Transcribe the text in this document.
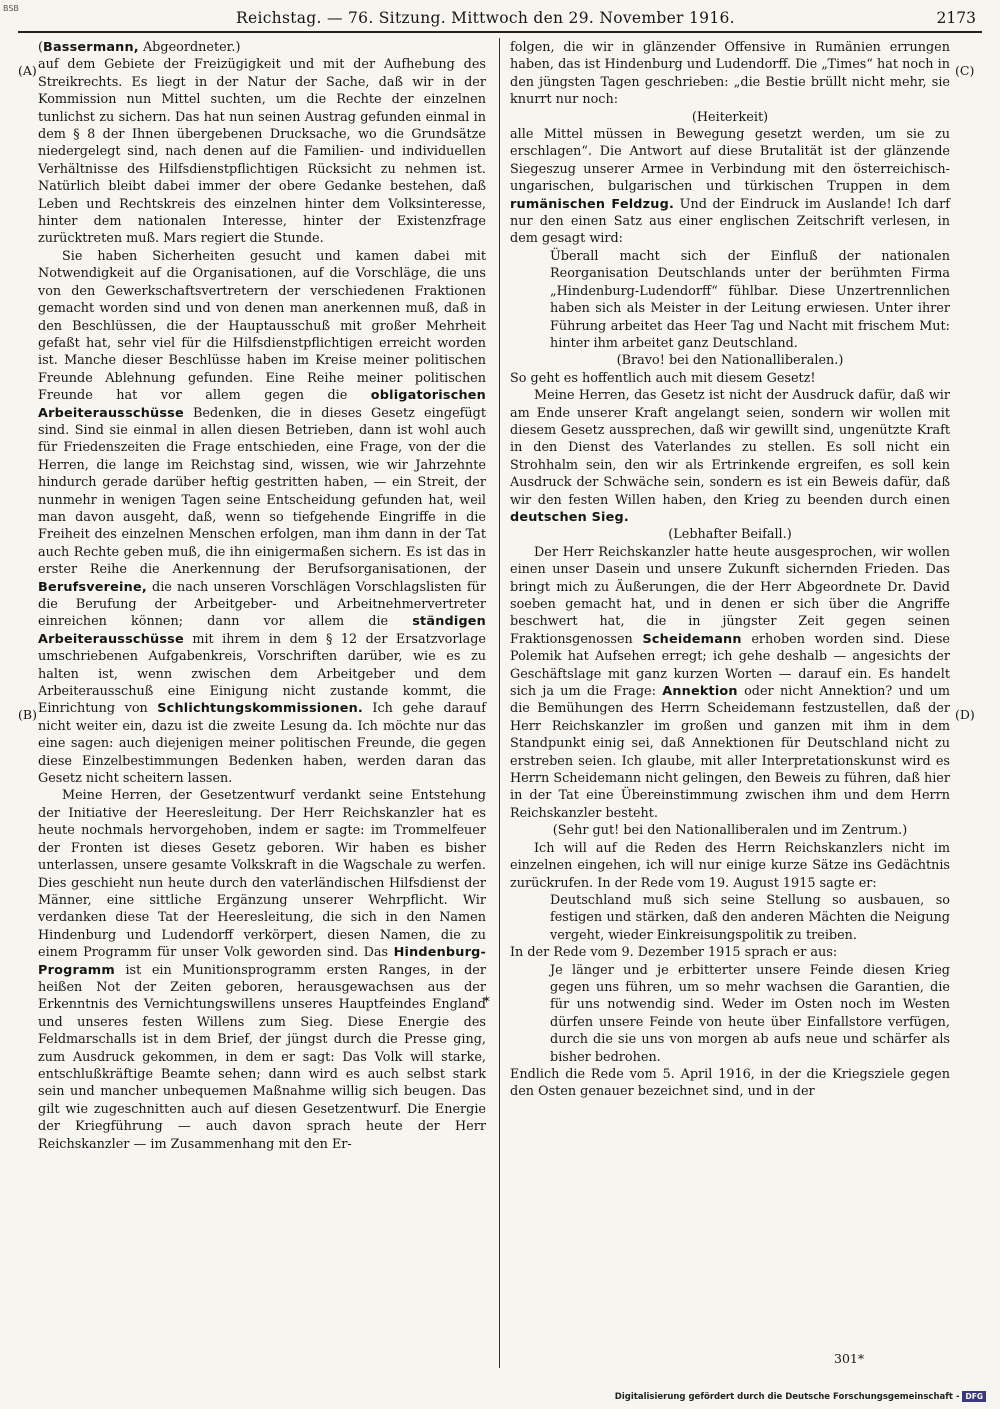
BSB
Reichstag. — 76. Sitzung. Mittwoch den 29. November 1916.	2173
(A)
(B)
(C)
(D)

(Bassermann, Abgeordneter.)

auf dem Gebiete der Freizügigkeit und mit der Aufhebung des Streikrechts. Es liegt in der Natur der Sache, daß wir in der Kommission nun Mittel suchten, um die Rechte der einzelnen tunlichst zu sichern. Das hat nun seinen Austrag gefunden einmal in dem § 8 der Ihnen übergebenen Drucksache, wo die Grundsätze niedergelegt sind, nach denen auf die Familien- und individuellen Verhältnisse des Hilfsdienstpflichtigen Rücksicht zu nehmen ist. Natürlich bleibt dabei immer der obere Gedanke bestehen, daß Leben und Rechtskreis des einzelnen hinter dem Volksinteresse, hinter dem nationalen Interesse, hinter der Existenzfrage zurücktreten muß. Mars regiert die Stunde.

Sie haben Sicherheiten gesucht und kamen dabei mit Notwendigkeit auf die Organisationen, auf die Vorschläge, die uns von den Gewerkschaftsvertretern der verschiedenen Fraktionen gemacht worden sind und von denen man anerkennen muß, daß in den Beschlüssen, die der Hauptausschuß mit großer Mehrheit gefaßt hat, sehr viel für die Hilfsdienstpflichtigen erreicht worden ist. Manche dieser Beschlüsse haben im Kreise meiner politischen Freunde Ablehnung gefunden. Eine Reihe meiner politischen Freunde hat vor allem gegen die obligatorischen Arbeiterausschüsse Bedenken, die in dieses Gesetz eingefügt sind. Sind sie einmal in allen diesen Betrieben, dann ist wohl auch für Friedenszeiten die Frage entschieden, eine Frage, von der die Herren, die lange im Reichstag sind, wissen, wie wir Jahrzehnte hindurch gerade darüber heftig gestritten haben, — ein Streit, der nunmehr in wenigen Tagen seine Entscheidung gefunden hat, weil man davon ausgeht, daß, wenn so tiefgehende Eingriffe in die Freiheit des einzelnen Menschen erfolgen, man ihm dann in der Tat auch Rechte geben muß, die ihn einigermaßen sichern. Es ist das in erster Reihe die Anerkennung der Berufsorganisationen, der Berufsvereine, die nach unseren Vorschlägen Vorschlagslisten für die Berufung der Arbeitgeber- und Arbeitnehmervertreter einreichen können; dann vor allem die ständigen Arbeiterausschüsse mit ihrem in dem § 12 der Ersatzvorlage umschriebenen Aufgabenkreis, Vorschriften darüber, wie es zu halten ist, wenn zwischen dem Arbeitgeber und dem Arbeiterausschuß eine Einigung nicht zustande kommt, die Einrichtung von Schlichtungskommissionen. Ich gehe darauf nicht weiter ein, dazu ist die zweite Lesung da. Ich möchte nur das eine sagen: auch diejenigen meiner politischen Freunde, die gegen diese Einzelbestimmungen Bedenken haben, werden daran das Gesetz nicht scheitern lassen.

Meine Herren, der Gesetzentwurf verdankt seine Entstehung der Initiative der Heeresleitung. Der Herr Reichskanzler hat es heute nochmals hervorgehoben, indem er sagte: im Trommelfeuer der Fronten ist dieses Gesetz geboren. Wir haben es bisher unterlassen, unsere gesamte Volkskraft in die Wagschale zu werfen. Dies geschieht nun heute durch den vaterländischen Hilfsdienst der Männer, eine sittliche Ergänzung unserer Wehrpflicht. Wir verdanken diese Tat der Heeresleitung, die sich in den Namen Hindenburg und Ludendorff verkörpert, diesen Namen, die zu einem Programm für unser Volk geworden sind. Das Hindenburg-Programm ist ein Munitionsprogramm ersten Ranges, in der heißen Not der Zeiten geboren, herausgewachsen aus der Erkenntnis des Vernichtungswillens unseres Hauptfeindes England und unseres festen Willens zum Sieg. Diese Energie des Feldmarschalls ist in dem Brief, der jüngst durch die Presse ging, zum Ausdruck gekommen, in dem er sagt: Das Volk will starke, entschlußkräftige Beamte sehen; dann wird es auch selbst stark sein und mancher unbequemen Maßnahme willig sich beugen. Das gilt wie zugeschnitten auch auf diesen Gesetzentwurf. Die Energie der Kriegführung — auch davon sprach heute der Herr Reichskanzler — im Zusammenhang mit den Er-

folgen, die wir in glänzender Offensive in Rumänien errungen haben, das ist Hindenburg und Ludendorff. Die „Times“ hat noch in den jüngsten Tagen geschrieben: „die Bestie brüllt nicht mehr, sie knurrt nur noch:

(Heiterkeit)

alle Mittel müssen in Bewegung gesetzt werden, um sie zu erschlagen“. Die Antwort auf diese Brutalität ist der glänzende Siegeszug unserer Armee in Verbindung mit den österreichisch-ungarischen, bulgarischen und türkischen Truppen in dem rumänischen Feldzug. Und der Eindruck im Auslande! Ich darf nur den einen Satz aus einer englischen Zeitschrift verlesen, in dem gesagt wird:

Überall macht sich der Einfluß der nationalen Reorganisation Deutschlands unter der berühmten Firma „Hindenburg-Ludendorff“ fühlbar. Diese Unzertrennlichen haben sich als Meister in der Leitung erwiesen. Unter ihrer Führung arbeitet das Heer Tag und Nacht mit frischem Mut: hinter ihm arbeitet ganz Deutschland.

(Bravo! bei den Nationalliberalen.)

So geht es hoffentlich auch mit diesem Gesetz!

Meine Herren, das Gesetz ist nicht der Ausdruck dafür, daß wir am Ende unserer Kraft angelangt seien, sondern wir wollen mit diesem Gesetz aussprechen, daß wir gewillt sind, ungenützte Kraft in den Dienst des Vaterlandes zu stellen. Es soll nicht ein Strohhalm sein, den wir als Ertrinkende ergreifen, es soll kein Ausdruck der Schwäche sein, sondern es ist ein Beweis dafür, daß wir den festen Willen haben, den Krieg zu beenden durch einen deutschen Sieg.

(Lebhafter Beifall.)

Der Herr Reichskanzler hatte heute ausgesprochen, wir wollen einen unser Dasein und unsere Zukunft sichernden Frieden. Das bringt mich zu Äußerungen, die der Herr Abgeordnete Dr. David soeben gemacht hat, und in denen er sich über die Angriffe beschwert hat, die in jüngster Zeit gegen seinen Fraktionsgenossen Scheidemann erhoben worden sind. Diese Polemik hat Aufsehen erregt; ich gehe deshalb — angesichts der Geschäftslage mit ganz kurzen Worten — darauf ein. Es handelt sich ja um die Frage: Annektion oder nicht Annektion? und um die Bemühungen des Herrn Scheidemann festzustellen, daß der Herr Reichskanzler im großen und ganzen mit ihm in dem Standpunkt einig sei, daß Annektionen für Deutschland nicht zu erstreben seien. Ich glaube, mit aller Interpretationskunst wird es Herrn Scheidemann nicht gelingen, den Beweis zu führen, daß hier in der Tat eine Übereinstimmung zwischen ihm und dem Herrn Reichskanzler besteht.

(Sehr gut! bei den Nationalliberalen und im Zentrum.)

Ich will auf die Reden des Herrn Reichskanzlers nicht im einzelnen eingehen, ich will nur einige kurze Sätze ins Gedächtnis zurückrufen. In der Rede vom 19. August 1915 sagte er:

Deutschland muß sich seine Stellung so ausbauen, so festigen und stärken, daß den anderen Mächten die Neigung vergeht, wieder Einkreisungspolitik zu treiben.

In der Rede vom 9. Dezember 1915 sprach er aus:

Je länger und je erbitterter unsere Feinde diesen Krieg gegen uns führen, um so mehr wachsen die Garantien, die für uns notwendig sind. Weder im Osten noch im Westen dürfen unsere Feinde von heute über Einfallstore verfügen, durch die sie uns von morgen ab aufs neue und schärfer als bisher bedrohen.

Endlich die Rede vom 5. April 1916, in der die Kriegsziele gegen den Osten genauer bezeichnet sind, und in der

✶
301*
Digitalisierung gefördert durch die Deutsche Forschungsgemeinschaft - DFG
